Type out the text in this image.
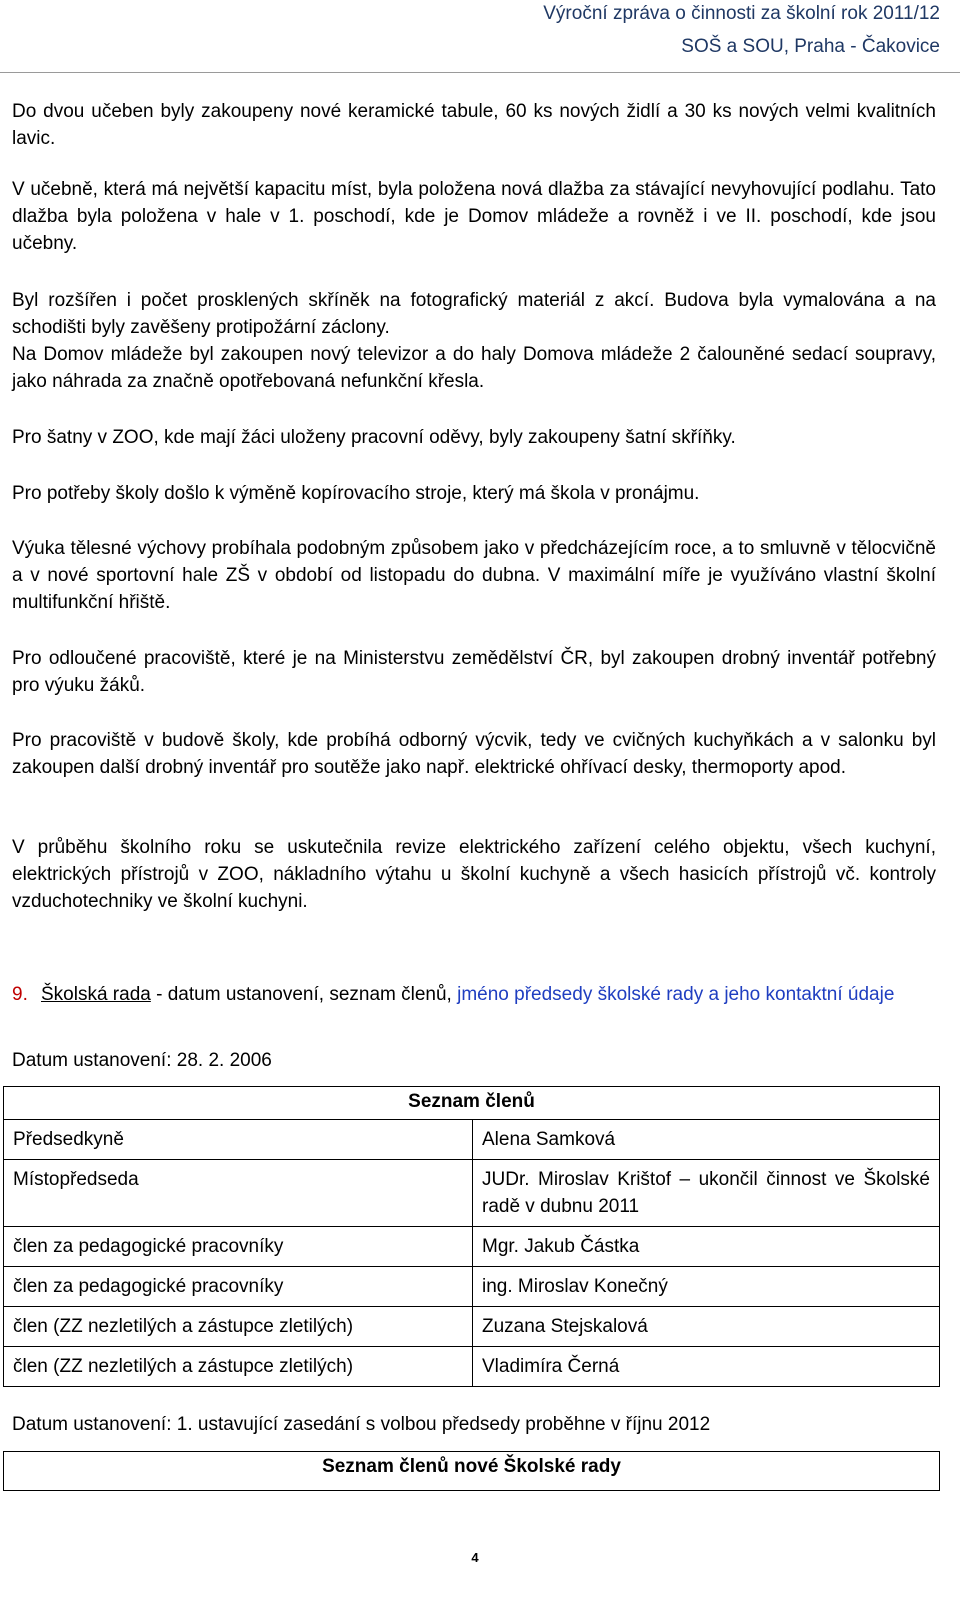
Výroční zpráva o činnosti za školní rok 2011/12
SOŠ a SOU, Praha - Čakovice

Do dvou učeben byly zakoupeny nové keramické tabule, 60 ks nových židlí a 30 ks nových velmi kvalitních lavic.

V učebně, která má největší kapacitu míst, byla položena nová dlažba za stávající nevyhovující podlahu. Tato dlažba byla položena v hale v 1. poschodí, kde je Domov mládeže a rovněž i ve II. poschodí, kde jsou učebny.

Byl rozšířen i počet prosklených skříněk na fotografický materiál z akcí. Budova byla vymalována a na schodišti byly zavěšeny protipožární záclony.

Na Domov mládeže byl zakoupen nový televizor a do haly Domova mládeže 2 čalouněné sedací soupravy, jako náhrada za značně opotřebovaná nefunkční křesla.

Pro šatny v ZOO, kde mají žáci uloženy pracovní oděvy, byly zakoupeny šatní skříňky.

Pro potřeby školy došlo k výměně kopírovacího stroje, který má škola v pronájmu.

Výuka tělesné výchovy probíhala podobným způsobem jako v předcházejícím roce, a to smluvně v tělocvičně a v nové sportovní hale ZŠ v období od listopadu do dubna. V maximální míře je využíváno vlastní školní multifunkční hřiště.

Pro odloučené pracoviště, které je na Ministerstvu zemědělství ČR, byl zakoupen drobný inventář potřebný pro výuku žáků.

Pro pracoviště v budově školy, kde probíhá odborný výcvik, tedy ve cvičných kuchyňkách a v salonku byl zakoupen další drobný inventář pro soutěže jako např. elektrické ohřívací desky, thermoporty apod.

V průběhu školního roku se uskutečnila revize elektrického zařízení celého objektu, všech kuchyní, elektrických přístrojů v ZOO, nákladního výtahu u školní kuchyně a všech hasicích přístrojů vč. kontroly vzduchotechniky ve školní kuchyni.

9. Školská rada - datum ustanovení, seznam členů, jméno předsedy školské rady a jeho kontaktní údaje
Datum ustanovení: 28. 2. 2006
Seznam členů	
Předsedkyně	Alena Samková
Místopředseda	JUDr. Miroslav Krištof – ukončil činnost ve Školské radě v dubnu 2011
člen za pedagogické pracovníky	Mgr. Jakub Částka
člen za pedagogické pracovníky	ing. Miroslav Konečný
člen (ZZ nezletilých a zástupce zletilých)	Zuzana Stejskalová
člen (ZZ nezletilých a zástupce zletilých)	Vladimíra Černá
Datum ustanovení: 1. ustavující zasedání s volbou předsedy proběhne v říjnu 2012
Seznam členů nové Školské rady
4
